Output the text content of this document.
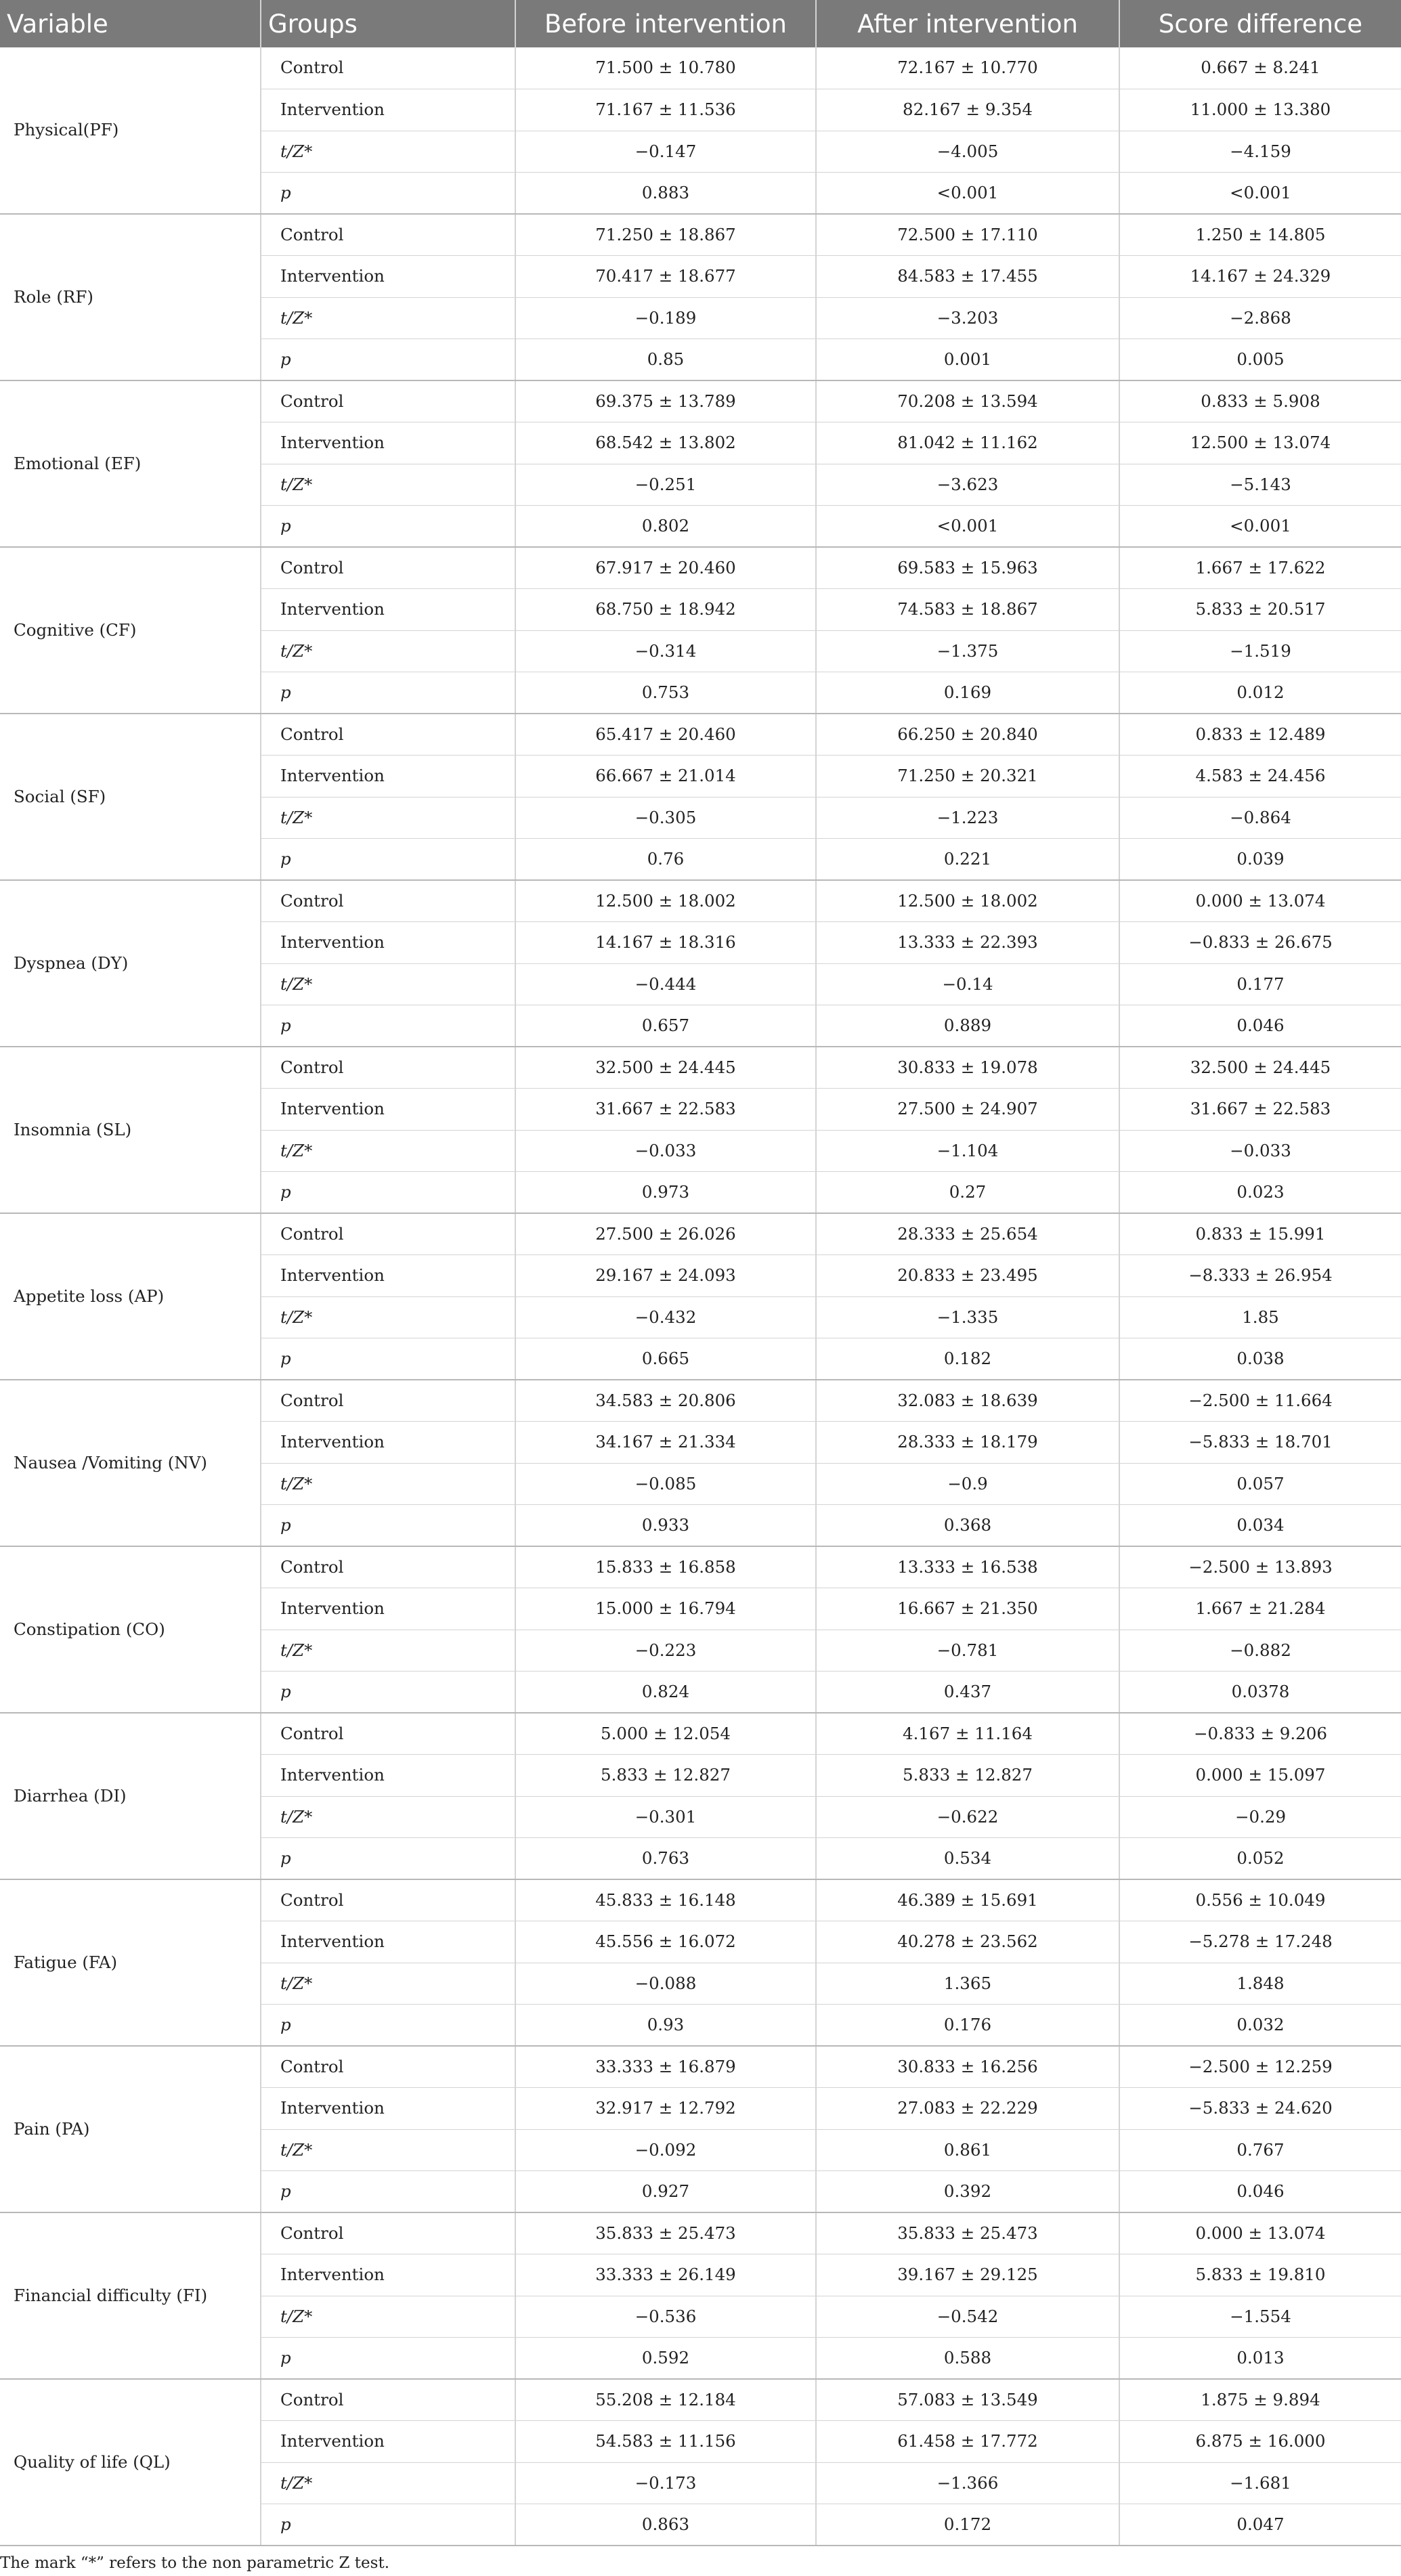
Variable	Groups	Before intervention	After intervention	Score difference
Physical(PF)	Control	71.500 ± 10.780	72.167 ± 10.770	0.667 ± 8.241
	Intervention	71.167 ± 11.536	82.167 ± 9.354	11.000 ± 13.380
	t/Z*	−0.147	−4.005	−4.159
	p	0.883	<0.001	<0.001
Role (RF)	Control	71.250 ± 18.867	72.500 ± 17.110	1.250 ± 14.805
	Intervention	70.417 ± 18.677	84.583 ± 17.455	14.167 ± 24.329
	t/Z*	−0.189	−3.203	−2.868
	p	0.85	0.001	0.005
Emotional (EF)	Control	69.375 ± 13.789	70.208 ± 13.594	0.833 ± 5.908
	Intervention	68.542 ± 13.802	81.042 ± 11.162	12.500 ± 13.074
	t/Z*	−0.251	−3.623	−5.143
	p	0.802	<0.001	<0.001
Cognitive (CF)	Control	67.917 ± 20.460	69.583 ± 15.963	1.667 ± 17.622
	Intervention	68.750 ± 18.942	74.583 ± 18.867	5.833 ± 20.517
	t/Z*	−0.314	−1.375	−1.519
	p	0.753	0.169	0.012
Social (SF)	Control	65.417 ± 20.460	66.250 ± 20.840	0.833 ± 12.489
	Intervention	66.667 ± 21.014	71.250 ± 20.321	4.583 ± 24.456
	t/Z*	−0.305	−1.223	−0.864
	p	0.76	0.221	0.039
Dyspnea (DY)	Control	12.500 ± 18.002	12.500 ± 18.002	0.000 ± 13.074
	Intervention	14.167 ± 18.316	13.333 ± 22.393	−0.833 ± 26.675
	t/Z*	−0.444	−0.14	0.177
	p	0.657	0.889	0.046
Insomnia (SL)	Control	32.500 ± 24.445	30.833 ± 19.078	32.500 ± 24.445
	Intervention	31.667 ± 22.583	27.500 ± 24.907	31.667 ± 22.583
	t/Z*	−0.033	−1.104	−0.033
	p	0.973	0.27	0.023
Appetite loss (AP)	Control	27.500 ± 26.026	28.333 ± 25.654	0.833 ± 15.991
	Intervention	29.167 ± 24.093	20.833 ± 23.495	−8.333 ± 26.954
	t/Z*	−0.432	−1.335	1.85
	p	0.665	0.182	0.038
Nausea /Vomiting (NV)	Control	34.583 ± 20.806	32.083 ± 18.639	−2.500 ± 11.664
	Intervention	34.167 ± 21.334	28.333 ± 18.179	−5.833 ± 18.701
	t/Z*	−0.085	−0.9	0.057
	p	0.933	0.368	0.034
Constipation (CO)	Control	15.833 ± 16.858	13.333 ± 16.538	−2.500 ± 13.893
	Intervention	15.000 ± 16.794	16.667 ± 21.350	1.667 ± 21.284
	t/Z*	−0.223	−0.781	−0.882
	p	0.824	0.437	0.0378
Diarrhea (DI)	Control	5.000 ± 12.054	4.167 ± 11.164	−0.833 ± 9.206
	Intervention	5.833 ± 12.827	5.833 ± 12.827	0.000 ± 15.097
	t/Z*	−0.301	−0.622	−0.29
	p	0.763	0.534	0.052
Fatigue (FA)	Control	45.833 ± 16.148	46.389 ± 15.691	0.556 ± 10.049
	Intervention	45.556 ± 16.072	40.278 ± 23.562	−5.278 ± 17.248
	t/Z*	−0.088	1.365	1.848
	p	0.93	0.176	0.032
Pain (PA)	Control	33.333 ± 16.879	30.833 ± 16.256	−2.500 ± 12.259
	Intervention	32.917 ± 12.792	27.083 ± 22.229	−5.833 ± 24.620
	t/Z*	−0.092	0.861	0.767
	p	0.927	0.392	0.046
Financial difficulty (FI)	Control	35.833 ± 25.473	35.833 ± 25.473	0.000 ± 13.074
	Intervention	33.333 ± 26.149	39.167 ± 29.125	5.833 ± 19.810
	t/Z*	−0.536	−0.542	−1.554
	p	0.592	0.588	0.013
Quality of life (QL)	Control	55.208 ± 12.184	57.083 ± 13.549	1.875 ± 9.894
	Intervention	54.583 ± 11.156	61.458 ± 17.772	6.875 ± 16.000
	t/Z*	−0.173	−1.366	−1.681
	p	0.863	0.172	0.047
The mark “*” refers to the non parametric Z test.
